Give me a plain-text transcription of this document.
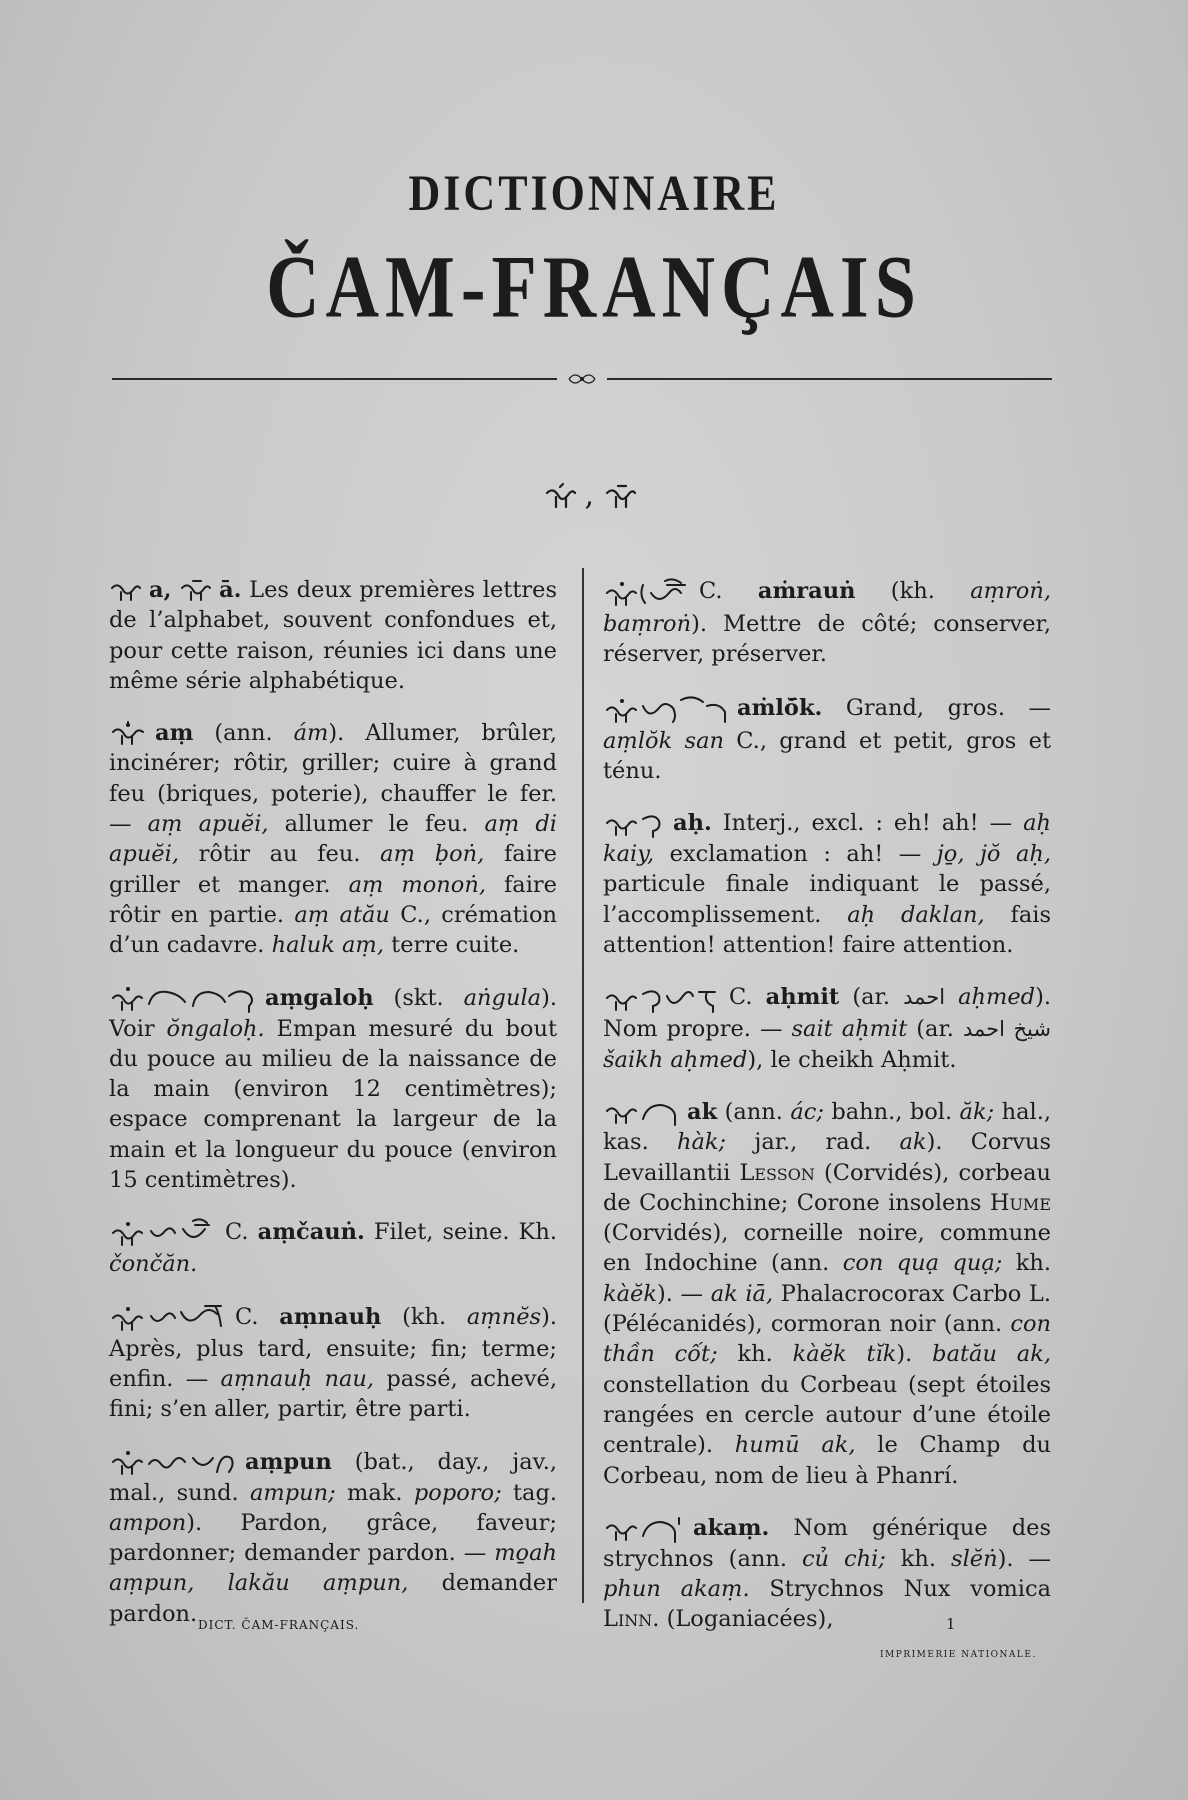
DICTIONNAIRE
ČAM-FRANÇAIS
,

a, ā. Les deux premières lettres de l’alphabet, souvent confondues et, pour cette raison, réunies ici dans une même série alphabétique.

aṃ (ann. ám). Allumer, brûler, incinérer; rôtir, griller; cuire à grand feu (briques, poterie), chauffer le fer. — aṃ apuĕi, allumer le feu. aṃ di apuĕi, rôtir au feu. aṃ ḅoṅ, faire griller et manger. aṃ monoṅ, faire rôtir en partie. aṃ atău C., crémation d’un cadavre. haluk aṃ, terre cuite.

aṃgaloḥ (skt. aṅgula). Voir ŏngaloḥ. Empan mesuré du bout du pouce au milieu de la naissance de la main (environ 12 centimètres); espace comprenant la largeur de la main et la longueur du pouce (environ 15 centimètres).

C. aṃčauṅ. Filet, seine. Kh. čončăn.

C. aṃnauḥ (kh. aṃnĕs). Après, plus tard, ensuite; fin; terme; enfin. — aṃnauḥ nau, passé, achevé, fini; s’en aller, partir, être parti.

aṃpun (bat., day., jav., mal., sund. ampun; mak. poporo; tag. ampon). Pardon, grâce, faveur; pardonner; demander pardon. — mo̱ah aṃpun, lakău aṃpun, demander pardon.

C. aṁrauṅ (kh. aṃroṅ, baṃroṅ). Mettre de côté; conserver, réserver, préserver.

aṁlŏ̄k. Grand, gros. — aṃlŏk san C., grand et petit, gros et ténu.

aḥ. Interj., excl. : eh! ah! — aḥ kaiy, exclamation : ah! — jo̱, jŏ aḥ, particule finale indiquant le passé, l’accomplissement. aḥ daklan, fais attention! attention! faire attention.

C. aḥmit (ar. احمد aḥmed). Nom propre. — sait aḥmit (ar. شيخ احمد šaikh aḥmed), le cheikh Aḥmit.

ak (ann. ác; bahn., bol. ăk; hal., kas. hàk; jar., rad. ak). Corvus Levaillantii Lesson (Corvidés), corbeau de Cochinchine; Corone insolens Hume (Corvidés), corneille noire, commune en Indochine (ann. con quạ quạ; kh. kàĕk). — ak iā, Phalacrocorax Carbo L. (Pélécanidés), cormoran noir (ann. con thần cốt; kh. kàĕk tĭk). batău ak, constellation du Corbeau (sept étoiles rangées en cercle autour d’une étoile centrale). humū ak, le Champ du Corbeau, nom de lieu à Phanrí.

akaṃ. Nom générique des strychnos (ann. củ chi; kh. slĕṅ). — phun akaṃ. Strychnos Nux vomica Linn. (Loganiacées),

DICT. ČAM-FRANÇAIS.	1
IMPRIMERIE NATIONALE.
